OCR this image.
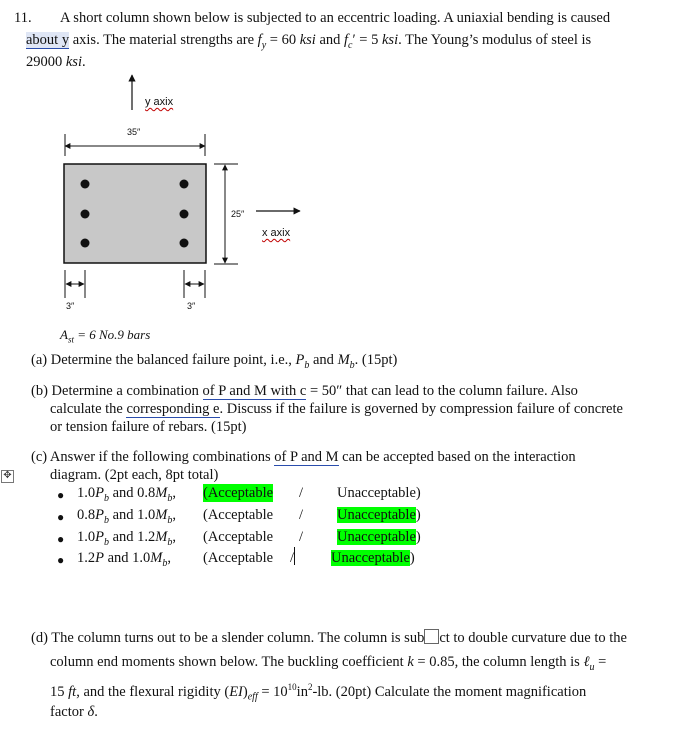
11. A short column shown below is subjected to an eccentric loading. A uniaxial bending is caused
about y axis. The material strengths are $f_y = 60$ ksi and $f_c' = 5$ ksi. The Young’s modulus of steel is
29000 ksi.
y axix
35″
25″
x axix
3″	3″
$A_{st} = 6$ No.9 bars
(a) Determine the balanced failure point, i.e., $P_b$ and $M_b$. (15pt)
(b) Determine a combination of P and M with c = 50″ that can lead to the column failure. Also
calculate the corresponding e. Discuss if the failure is governed by compression failure of concrete
or tension failure of rebars. (15pt)
✥
(c) Answer if the following combinations of P and M can be accepted based on the interaction
diagram. (2pt each, 8pt total)
● $1.0P_b$ and $0.8M_b$, (Acceptable / Unacceptable)
● $0.8P_b$ and $1.0M_b$, (Acceptable / Unacceptable)
● $1.0P_b$ and $1.2M_b$, (Acceptable / Unacceptable)
● 1.2P and $1.0M_b$, (Acceptable /	Unacceptable)
(d) The column turns out to be a slender column. The column is sub ct to double curvature due to the
column end moments shown below. The buckling coefficient k = 0.85, the column length is ℓ$_u$ =
15 ft, and the flexural rigidity $(EI)_{eff} = 10^{10}in^2-lb$. (20pt) Calculate the moment magnification
factor δ.
